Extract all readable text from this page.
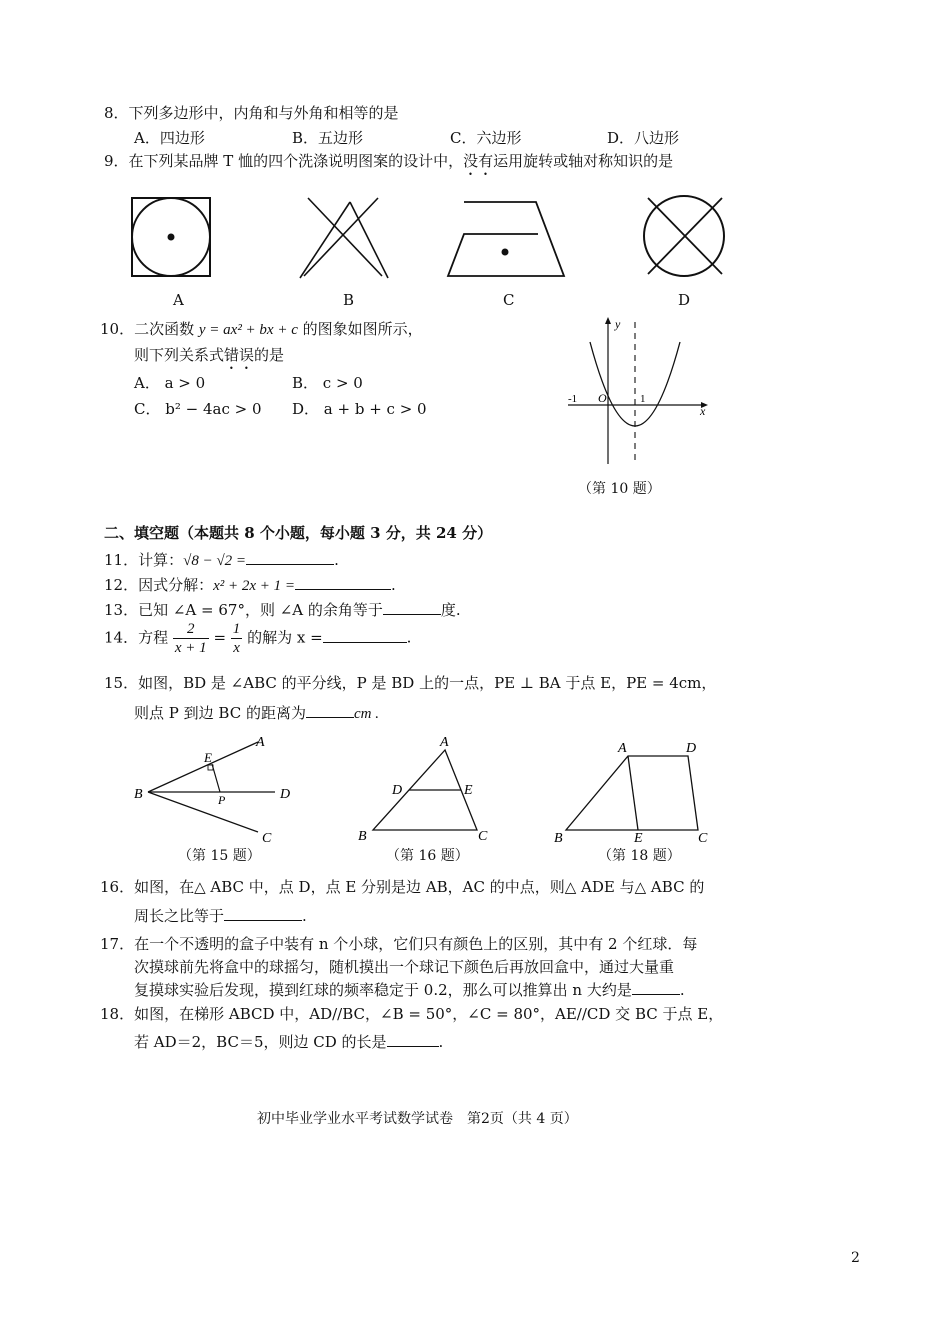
8．下列多边形中，内角和与外角和相等的是
A．四边形	B．五边形	C．六边形	D．八边形
9．在下列某品牌 T 恤的四个洗涤说明图案的设计中，没有运用旋转或轴对称知识的是
A	B	C	D
10．二次函数 y = ax² + bx + c 的图象如图所示，
则下列关系式错误的是
A． a > 0	B． c > 0
C． b² − 4ac > 0 D． a + b + c > 0
y
x
-1 O	1
（第 10 题）
二、填空题（本题共 8 个小题，每小题 3 分，共 24 分）
11．计算：√8 − √2 =	.
12．因式分解：x² + 2x + 1 =	.
13．已知 ∠A = 67°，则 ∠A 的余角等于	度.
14．方程 $\frac{2}{x + 1} = \frac{1}{x}$ 的解为 x =	.
15．如图，BD 是 ∠ABC 的平分线，P 是 BD 上的一点，PE ⊥ BA 于点 E，PE = 4cm，
则点 P 到边 BC 的距离为	cm .
A
B
C
D
E
P
A
B	C
D	E
A	D
B	E	C
（第 15 题）	（第 16 题）	（第 18 题）
16．如图，在△ ABC 中，点 D，点 E 分别是边 AB，AC 的中点，则△ ADE 与△ ABC 的
周长之比等于	.
17．在一个不透明的盒子中装有 n 个小球，它们只有颜色上的区别，其中有 2 个红球．每
次摸球前先将盒中的球摇匀，随机摸出一个球记下颜色后再放回盒中，通过大量重
复摸球实验后发现，摸到红球的频率稳定于 0.2，那么可以推算出 n 大约是	.
18．如图，在梯形 ABCD 中，AD//BC，∠B = 50°，∠C = 80°，AE//CD 交 BC 于点 E，
若 AD＝2，BC＝5，则边 CD 的长是	.
初中毕业学业水平考试数学试卷　第2页（共 4 页）
2
